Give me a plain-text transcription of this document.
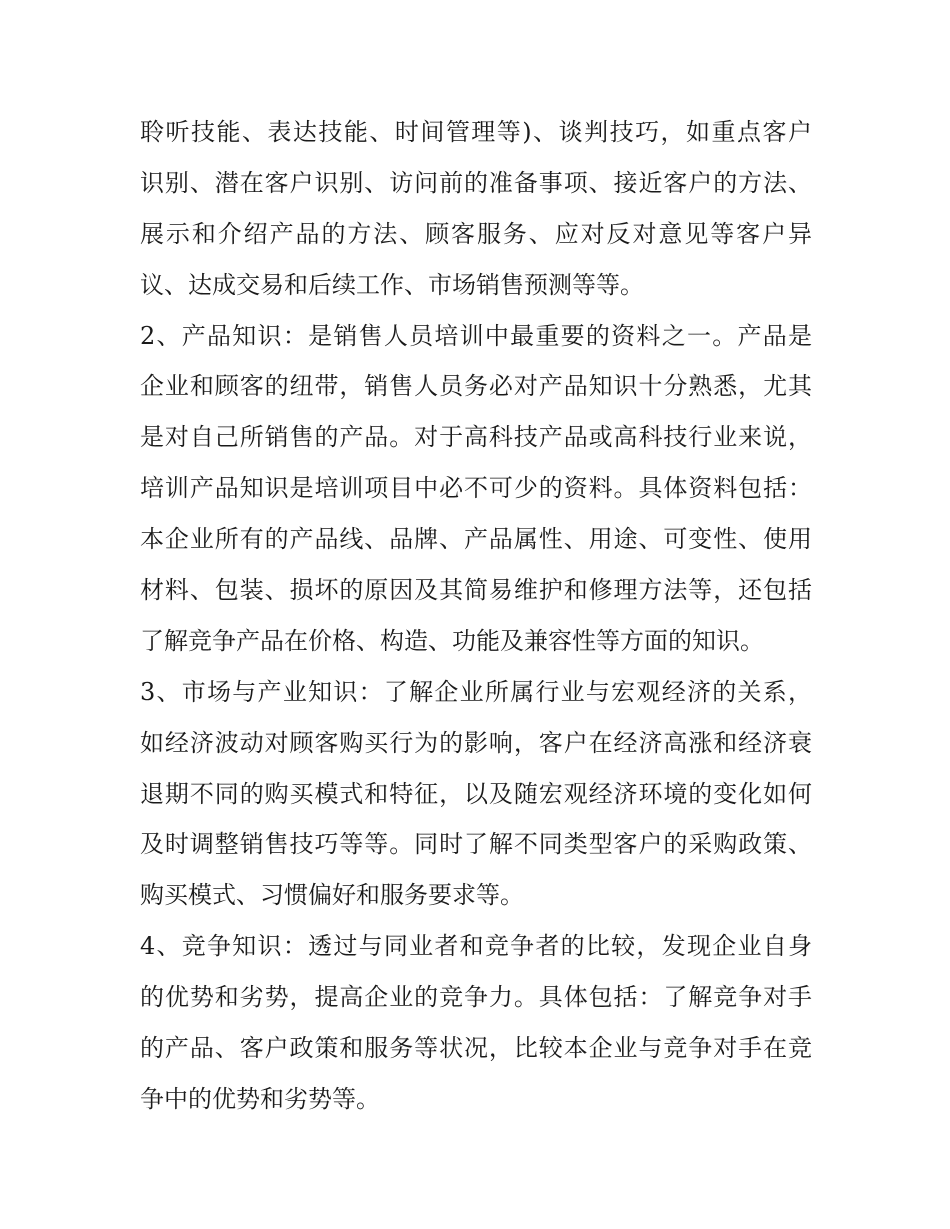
聆听技能、表达技能、时间管理等)、谈判技巧，如重点客户
识别、潜在客户识别、访问前的准备事项、接近客户的方法、
展示和介绍产品的方法、顾客服务、应对反对意见等客户异
议、达成交易和后续工作、市场销售预测等等。
2、产品知识：是销售人员培训中最重要的资料之一。产品是
企业和顾客的纽带，销售人员务必对产品知识十分熟悉，尤其
是对自己所销售的产品。对于高科技产品或高科技行业来说，
培训产品知识是培训项目中必不可少的资料。具体资料包括：
本企业所有的产品线、品牌、产品属性、用途、可变性、使用
材料、包装、损坏的原因及其简易维护和修理方法等，还包括
了解竞争产品在价格、构造、功能及兼容性等方面的知识。
3、市场与产业知识：了解企业所属行业与宏观经济的关系，
如经济波动对顾客购买行为的影响，客户在经济高涨和经济衰
退期不同的购买模式和特征，以及随宏观经济环境的变化如何
及时调整销售技巧等等。同时了解不同类型客户的采购政策、
购买模式、习惯偏好和服务要求等。
4、竞争知识：透过与同业者和竞争者的比较，发现企业自身
的优势和劣势，提高企业的竞争力。具体包括：了解竞争对手
的产品、客户政策和服务等状况，比较本企业与竞争对手在竞
争中的优势和劣势等。
